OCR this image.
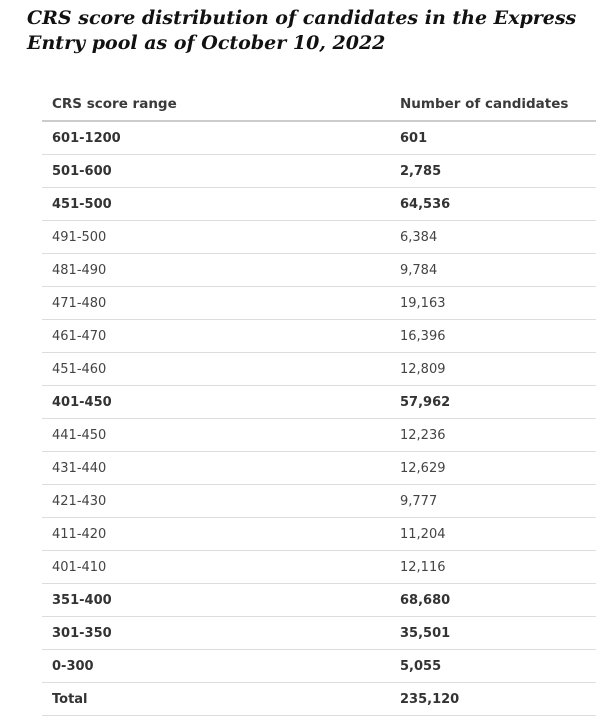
CRS score distribution of candidates in the Express Entry pool as of October 10, 2022
CRS score range	Number of candidates
601-1200	601
501-600	2,785
451-500	64,536
491-500	6,384
481-490	9,784
471-480	19,163
461-470	16,396
451-460	12,809
401-450	57,962
441-450	12,236
431-440	12,629
421-430	9,777
411-420	11,204
401-410	12,116
351-400	68,680
301-350	35,501
0-300	5,055
Total	235,120
